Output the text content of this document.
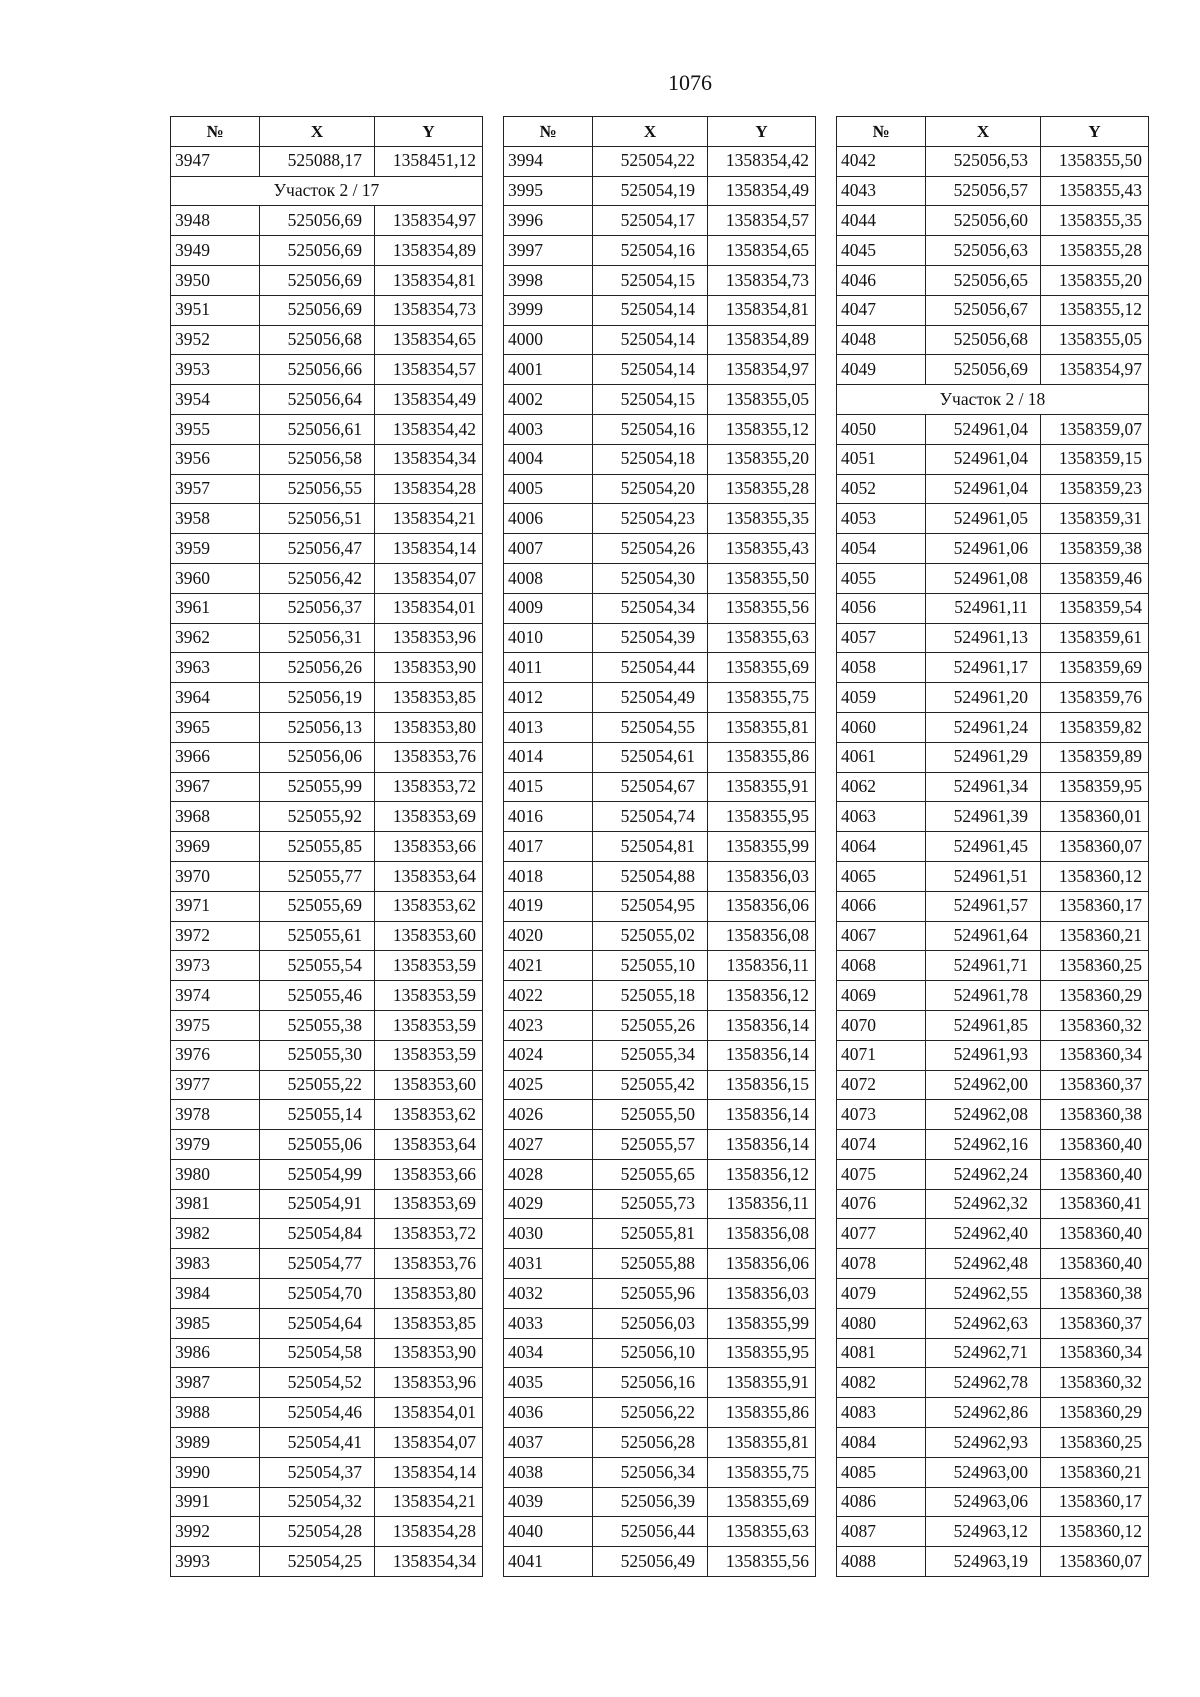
1076
№	X	Y
3947	525088,17	1358451,12
Участок 2 / 17		
3948	525056,69	1358354,97
3949	525056,69	1358354,89
3950	525056,69	1358354,81
3951	525056,69	1358354,73
3952	525056,68	1358354,65
3953	525056,66	1358354,57
3954	525056,64	1358354,49
3955	525056,61	1358354,42
3956	525056,58	1358354,34
3957	525056,55	1358354,28
3958	525056,51	1358354,21
3959	525056,47	1358354,14
3960	525056,42	1358354,07
3961	525056,37	1358354,01
3962	525056,31	1358353,96
3963	525056,26	1358353,90
3964	525056,19	1358353,85
3965	525056,13	1358353,80
3966	525056,06	1358353,76
3967	525055,99	1358353,72
3968	525055,92	1358353,69
3969	525055,85	1358353,66
3970	525055,77	1358353,64
3971	525055,69	1358353,62
3972	525055,61	1358353,60
3973	525055,54	1358353,59
3974	525055,46	1358353,59
3975	525055,38	1358353,59
3976	525055,30	1358353,59
3977	525055,22	1358353,60
3978	525055,14	1358353,62
3979	525055,06	1358353,64
3980	525054,99	1358353,66
3981	525054,91	1358353,69
3982	525054,84	1358353,72
3983	525054,77	1358353,76
3984	525054,70	1358353,80
3985	525054,64	1358353,85
3986	525054,58	1358353,90
3987	525054,52	1358353,96
3988	525054,46	1358354,01
3989	525054,41	1358354,07
3990	525054,37	1358354,14
3991	525054,32	1358354,21
3992	525054,28	1358354,28
3993	525054,25	1358354,34
№	X	Y
3994	525054,22	1358354,42
3995	525054,19	1358354,49
3996	525054,17	1358354,57
3997	525054,16	1358354,65
3998	525054,15	1358354,73
3999	525054,14	1358354,81
4000	525054,14	1358354,89
4001	525054,14	1358354,97
4002	525054,15	1358355,05
4003	525054,16	1358355,12
4004	525054,18	1358355,20
4005	525054,20	1358355,28
4006	525054,23	1358355,35
4007	525054,26	1358355,43
4008	525054,30	1358355,50
4009	525054,34	1358355,56
4010	525054,39	1358355,63
4011	525054,44	1358355,69
4012	525054,49	1358355,75
4013	525054,55	1358355,81
4014	525054,61	1358355,86
4015	525054,67	1358355,91
4016	525054,74	1358355,95
4017	525054,81	1358355,99
4018	525054,88	1358356,03
4019	525054,95	1358356,06
4020	525055,02	1358356,08
4021	525055,10	1358356,11
4022	525055,18	1358356,12
4023	525055,26	1358356,14
4024	525055,34	1358356,14
4025	525055,42	1358356,15
4026	525055,50	1358356,14
4027	525055,57	1358356,14
4028	525055,65	1358356,12
4029	525055,73	1358356,11
4030	525055,81	1358356,08
4031	525055,88	1358356,06
4032	525055,96	1358356,03
4033	525056,03	1358355,99
4034	525056,10	1358355,95
4035	525056,16	1358355,91
4036	525056,22	1358355,86
4037	525056,28	1358355,81
4038	525056,34	1358355,75
4039	525056,39	1358355,69
4040	525056,44	1358355,63
4041	525056,49	1358355,56
№	X	Y
4042	525056,53	1358355,50
4043	525056,57	1358355,43
4044	525056,60	1358355,35
4045	525056,63	1358355,28
4046	525056,65	1358355,20
4047	525056,67	1358355,12
4048	525056,68	1358355,05
4049	525056,69	1358354,97
Участок 2 / 18		
4050	524961,04	1358359,07
4051	524961,04	1358359,15
4052	524961,04	1358359,23
4053	524961,05	1358359,31
4054	524961,06	1358359,38
4055	524961,08	1358359,46
4056	524961,11	1358359,54
4057	524961,13	1358359,61
4058	524961,17	1358359,69
4059	524961,20	1358359,76
4060	524961,24	1358359,82
4061	524961,29	1358359,89
4062	524961,34	1358359,95
4063	524961,39	1358360,01
4064	524961,45	1358360,07
4065	524961,51	1358360,12
4066	524961,57	1358360,17
4067	524961,64	1358360,21
4068	524961,71	1358360,25
4069	524961,78	1358360,29
4070	524961,85	1358360,32
4071	524961,93	1358360,34
4072	524962,00	1358360,37
4073	524962,08	1358360,38
4074	524962,16	1358360,40
4075	524962,24	1358360,40
4076	524962,32	1358360,41
4077	524962,40	1358360,40
4078	524962,48	1358360,40
4079	524962,55	1358360,38
4080	524962,63	1358360,37
4081	524962,71	1358360,34
4082	524962,78	1358360,32
4083	524962,86	1358360,29
4084	524962,93	1358360,25
4085	524963,00	1358360,21
4086	524963,06	1358360,17
4087	524963,12	1358360,12
4088	524963,19	1358360,07
